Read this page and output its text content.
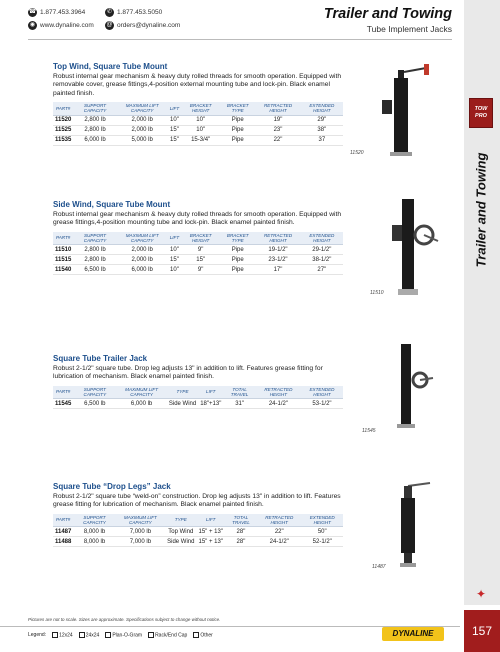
☎ 1.877.453.3964	✆ 1.877.453.5050
◉ www.dynaline.com @ orders@dynaline.com
Trailer and Towing
Tube Implement Jacks
TOW PRO
Trailer and Towing
Top Wind, Square Tube Mount
Robust internal gear mechanism & heavy duty rolled threads for smooth operation. Equipped with removable cover, grease fittings,4-position external mounting tube and lock-pin. Black enamel painted finish.
PART#	SUPPORT CAPACITY	MAXIMUM LIFT CAPACITY	LIFT	BRACKET HEIGHT	BRACKET TYPE	RETRACTED HEIGHT	EXTENDED HEIGHT
11520	2,800 lb	2,000 lb	10"	10"	Pipe	19"	29"
11525	2,800 lb	2,000 lb	15"	10"	Pipe	23"	38"
11535	6,000 lb	5,000 lb	15"	15-3/4"	Pipe	22"	37
Side Wind, Square Tube Mount
Robust internal gear mechanism & heavy duty rolled threads for smooth operation. Equipped with grease fittings,4-position mounting tube and lock-pin. Black enamel painted finish.
PART#	SUPPORT CAPACITY	MAXIMUM LIFT CAPACITY	LIFT	BRACKET HEIGHT	BRACKET TYPE	RETRACTED HEIGHT	EXTENDED HEIGHT
11510	2,800 lb	2,000 lb	10"	9"	Pipe	19-1/2"	29-1/2"
11515	2,800 lb	2,000 lb	15"	15"	Pipe	23-1/2"	38-1/2"
11540	6,500 lb	6,000 lb	10"	9"	Pipe	17"	27"
Square Tube Trailer Jack
Robust 2-1/2" square tube. Drop leg adjusts 13" in addition to lift. Features grease fitting for lubrication of mechanism. Black enamel painted finish.
PART#	SUPPORT CAPACITY	MAXIMUM LIFT CAPACITY	TYPE	LIFT	TOTAL TRAVEL	RETRACTED HEIGHT	EXTENDED HEIGHT
11545	6,500 lb	6,000 lb	Side Wind	18"+13"	31"	24-1/2"	53-1/2"
Square Tube “Drop Legs” Jack
Robust 2-1/2" square tube “weld-on” construction. Drop leg adjusts 13" in addition to lift. Features grease fitting for lubrication of mechanism. Black enamel painted finish.
PART#	SUPPORT CAPACITY	MAXIMUM LIFT CAPACITY	TYPE	LIFT	TOTAL TRAVEL	RETRACTED HEIGHT	EXTENDED HEIGHT
11487	8,000 lb	7,000 lb	Top Wind	15" + 13"	28"	22"	50"
11488	8,000 lb	7,000 lb	Side Wind	15" + 13"	28"	24-1/2"	52-1/2"
11520
11510
11545
11487
✦
Pictures are not to scale. Sizes are approximate. Specifications subject to change without notice.
Legend:	12x24	24x24	Plan-O-Gram	Rack/End Cap	Other	DYNALINE	157
